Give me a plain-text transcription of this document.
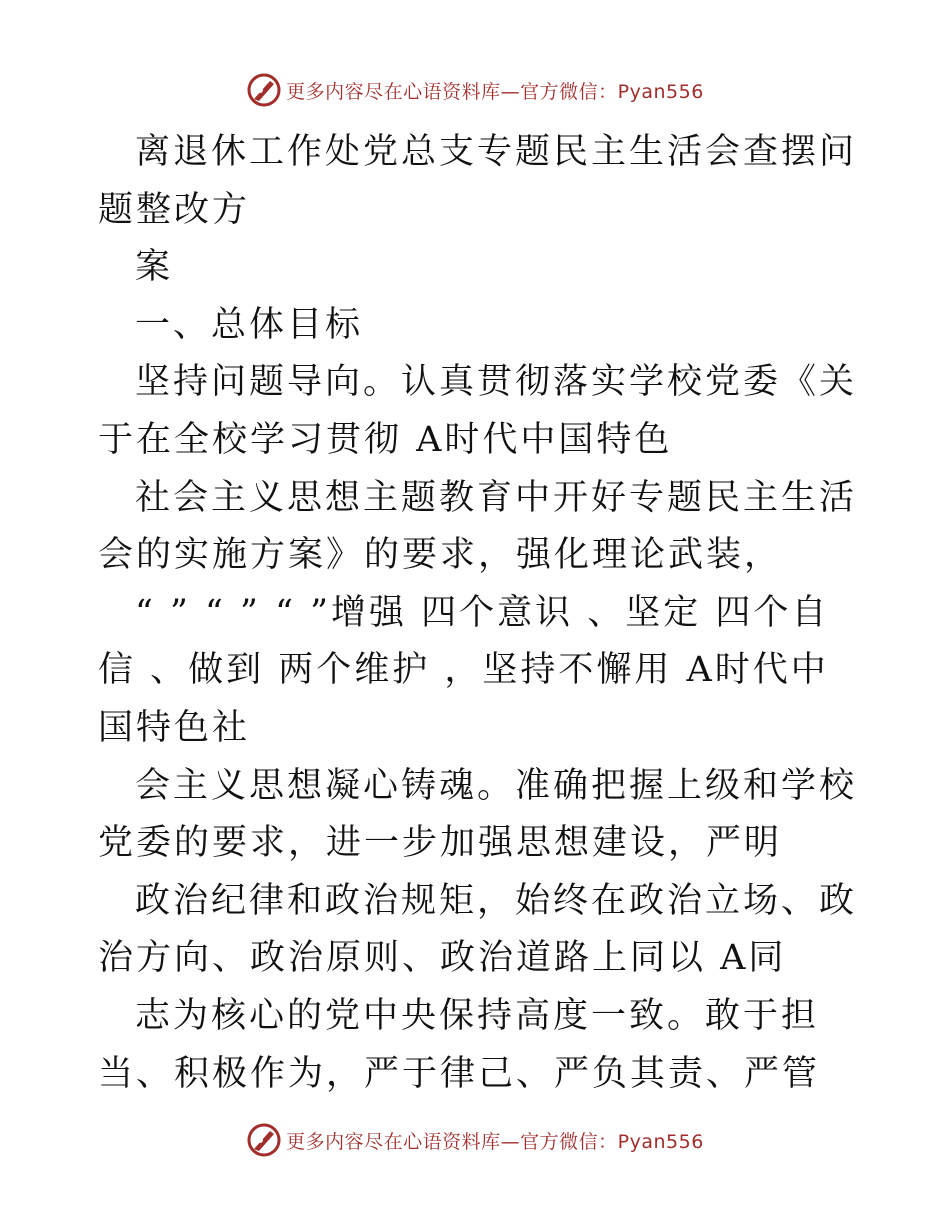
更多内容尽在心语资料库—官方微信：Pyan556

离退休工作处党总支专题民主生活会查摆问题整改方

案

一、总体目标

坚持问题导向。认真贯彻落实学校党委《关于在全校学习贯彻 A时代中国特色

社会主义思想主题教育中开好专题民主生活会的实施方案》的要求，强化理论武装，

“ ” “ ” “ ”增强 四个意识 、坚定 四个自信 、做到 两个维护 ，坚持不懈用 A时代中国特色社

会主义思想凝心铸魂。准确把握上级和学校党委的要求，进一步加强思想建设，严明

政治纪律和政治规矩，始终在政治立场、政治方向、政治原则、政治道路上同以 A同

志为核心的党中央保持高度一致。敢于担当、积极作为，严于律己、严负其责、严管

更多内容尽在心语资料库—官方微信：Pyan556
